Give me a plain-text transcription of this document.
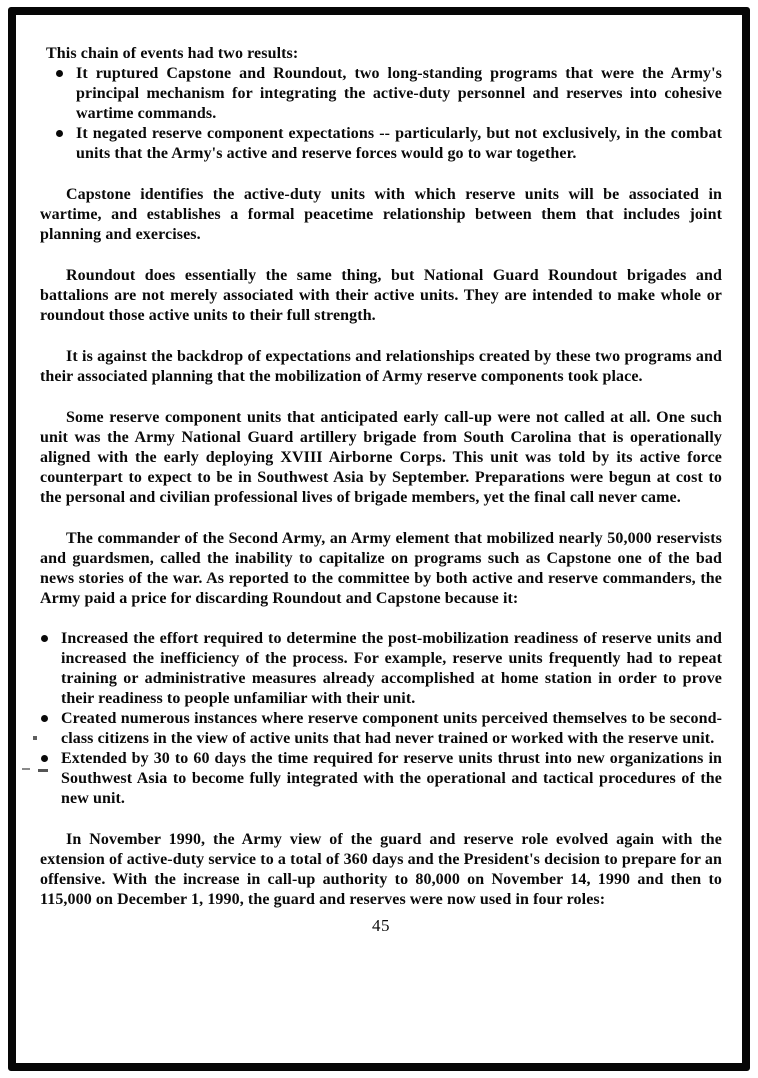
This chain of events had two results:
It ruptured Capstone and Roundout, two long-standing programs that were the Army's principal mechanism for integrating the active-duty personnel and reserves into cohesive wartime commands.
It negated reserve component expectations -- particularly, but not exclusively, in the combat units that the Army's active and reserve forces would go to war together.

Capstone identifies the active-duty units with which reserve units will be associated in wartime, and establishes a formal peacetime relationship between them that includes joint planning and exercises.

Roundout does essentially the same thing, but National Guard Roundout brigades and battalions are not merely associated with their active units. They are intended to make whole or roundout those active units to their full strength.

It is against the backdrop of expectations and relationships created by these two programs and their associated planning that the mobilization of Army reserve components took place.

Some reserve component units that anticipated early call-up were not called at all. One such unit was the Army National Guard artillery brigade from South Carolina that is operationally aligned with the early deploying XVIII Airborne Corps. This unit was told by its active force counterpart to expect to be in Southwest Asia by September. Preparations were begun at cost to the personal and civilian professional lives of brigade members, yet the final call never came.

The commander of the Second Army, an Army element that mobilized nearly 50,000 reservists and guardsmen, called the inability to capitalize on programs such as Capstone one of the bad news stories of the war. As reported to the committee by both active and reserve commanders, the Army paid a price for discarding Roundout and Capstone because it:

Increased the effort required to determine the post-mobilization readiness of reserve units and increased the inefficiency of the process. For example, reserve units frequently had to repeat training or administrative measures already accomplished at home station in order to prove their readiness to people unfamiliar with their unit.
Created numerous instances where reserve component units perceived themselves to be second-class citizens in the view of active units that had never trained or worked with the reserve unit.
Extended by 30 to 60 days the time required for reserve units thrust into new organizations in Southwest Asia to become fully integrated with the operational and tactical procedures of the new unit.

In November 1990, the Army view of the guard and reserve role evolved again with the extension of active-duty service to a total of 360 days and the President's decision to prepare for an offensive. With the increase in call-up authority to 80,000 on November 14, 1990 and then to 115,000 on December 1, 1990, the guard and reserves were now used in four roles:

45
